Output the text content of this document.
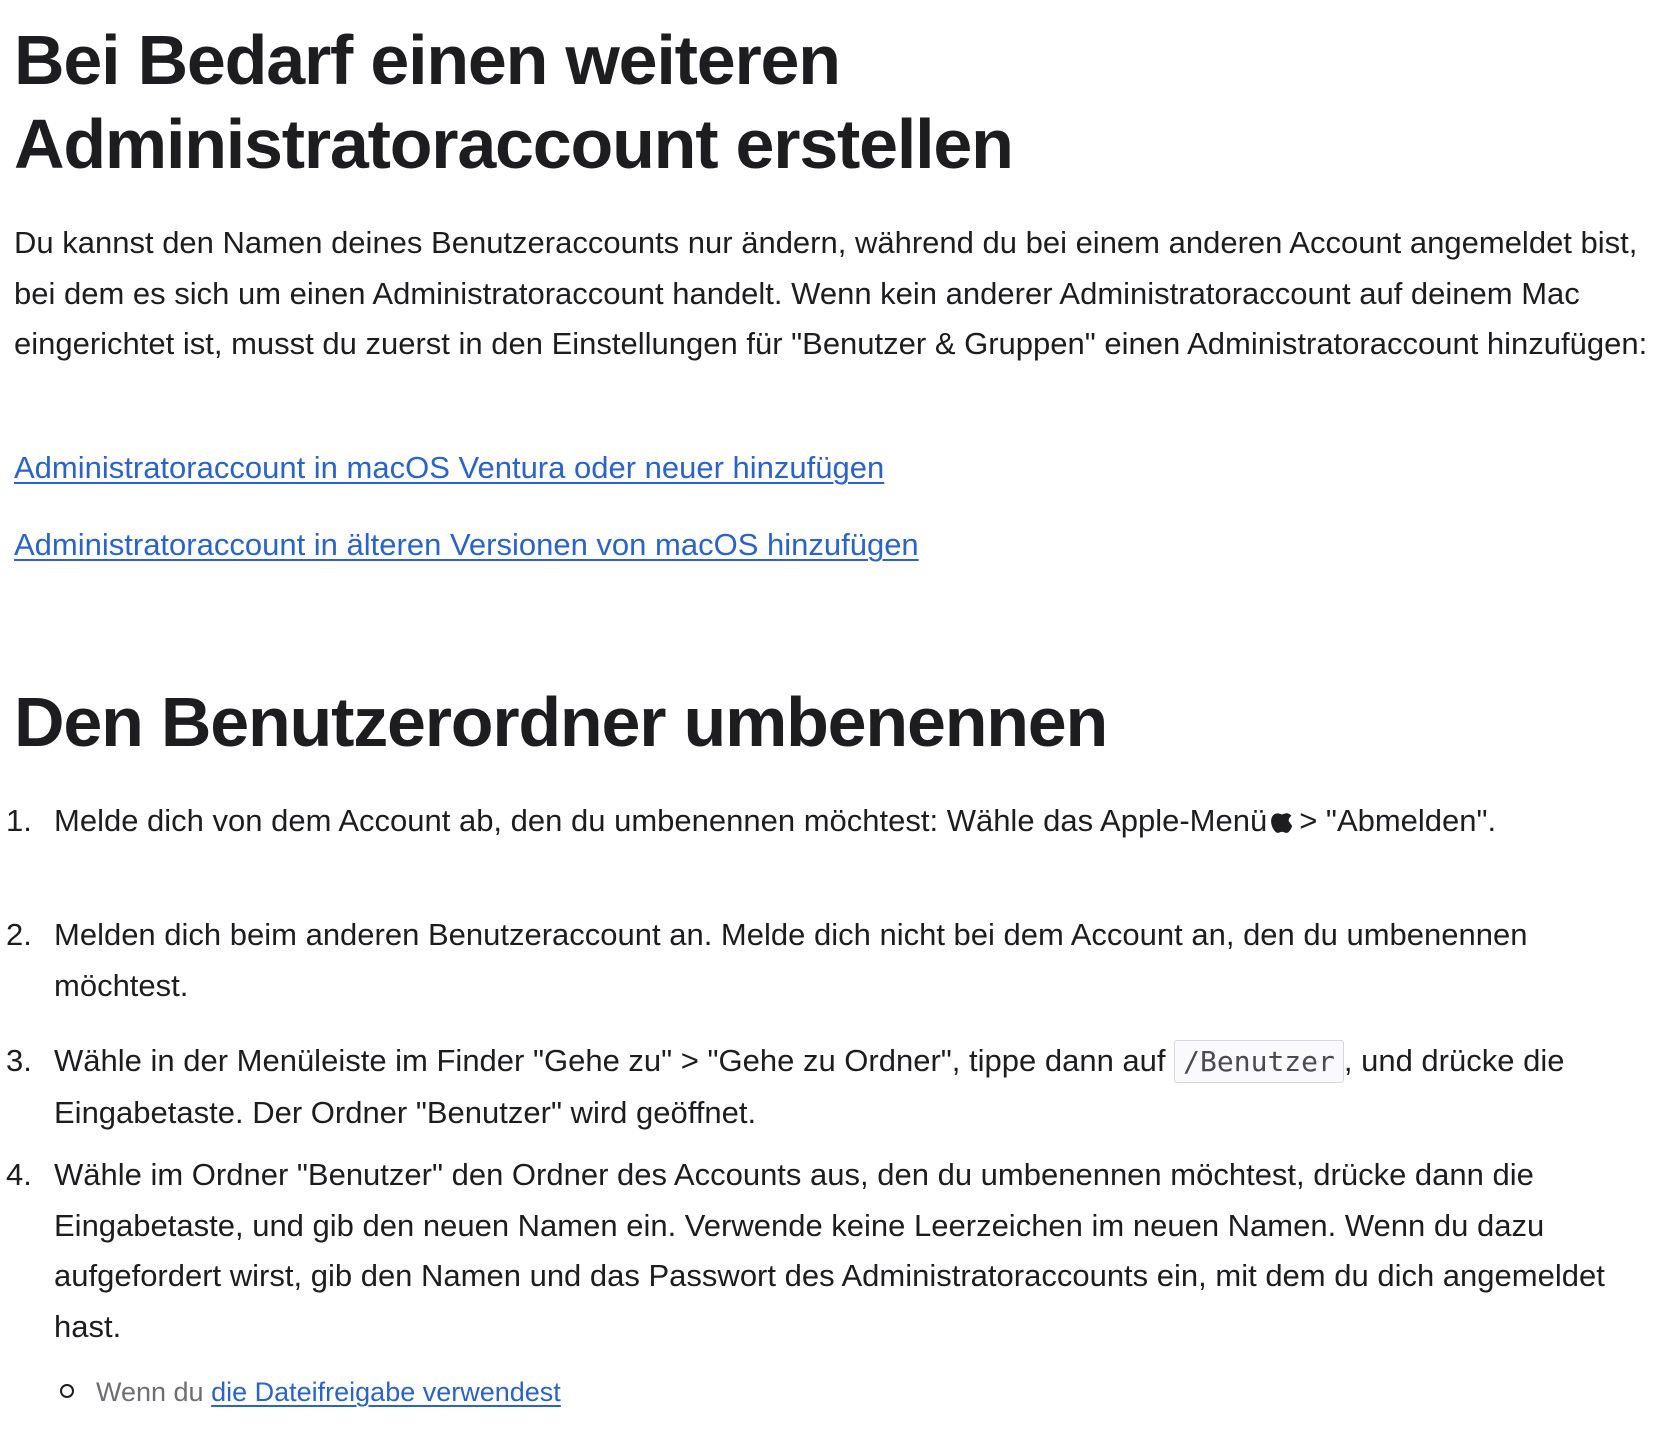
Bei Bedarf einen weiteren Administratoraccount erstellen

Du kannst den Namen deines Benutzeraccounts nur ändern, während du bei einem anderen Account angemeldet bist, bei dem es sich um einen Administratoraccount handelt. Wenn kein anderer Administratoraccount auf deinem Mac eingerichtet ist, musst du zuerst in den Einstellungen für "Benutzer & Gruppen" einen Administratoraccount hinzufügen:

Administratoraccount in macOS Ventura oder neuer hinzufügen
Administratoraccount in älteren Versionen von macOS hinzufügen
Den Benutzerordner umbenennen
1. Melde dich von dem Account ab, den du umbenennen möchtest: Wähle das Apple-Menü > "Abmelden".
2. Melden dich beim anderen Benutzeraccount an. Melde dich nicht bei dem Account an, den du umbenennen möchtest.
3. Wähle in der Menüleiste im Finder "Gehe zu" > "Gehe zu Ordner", tippe dann auf /Benutzer , und drücke die Eingabetaste. Der Ordner "Benutzer" wird geöffnet.
4. Wähle im Ordner "Benutzer" den Ordner des Accounts aus, den du umbenennen möchtest, drücke dann die Eingabetaste, und gib den neuen Namen ein. Verwende keine Leerzeichen im neuen Namen. Wenn du dazu aufgefordert wirst, gib den Namen und das Passwort des Administratoraccounts ein, mit dem du dich angemeldet hast.
Wenn du die Dateifreigabe verwendest
